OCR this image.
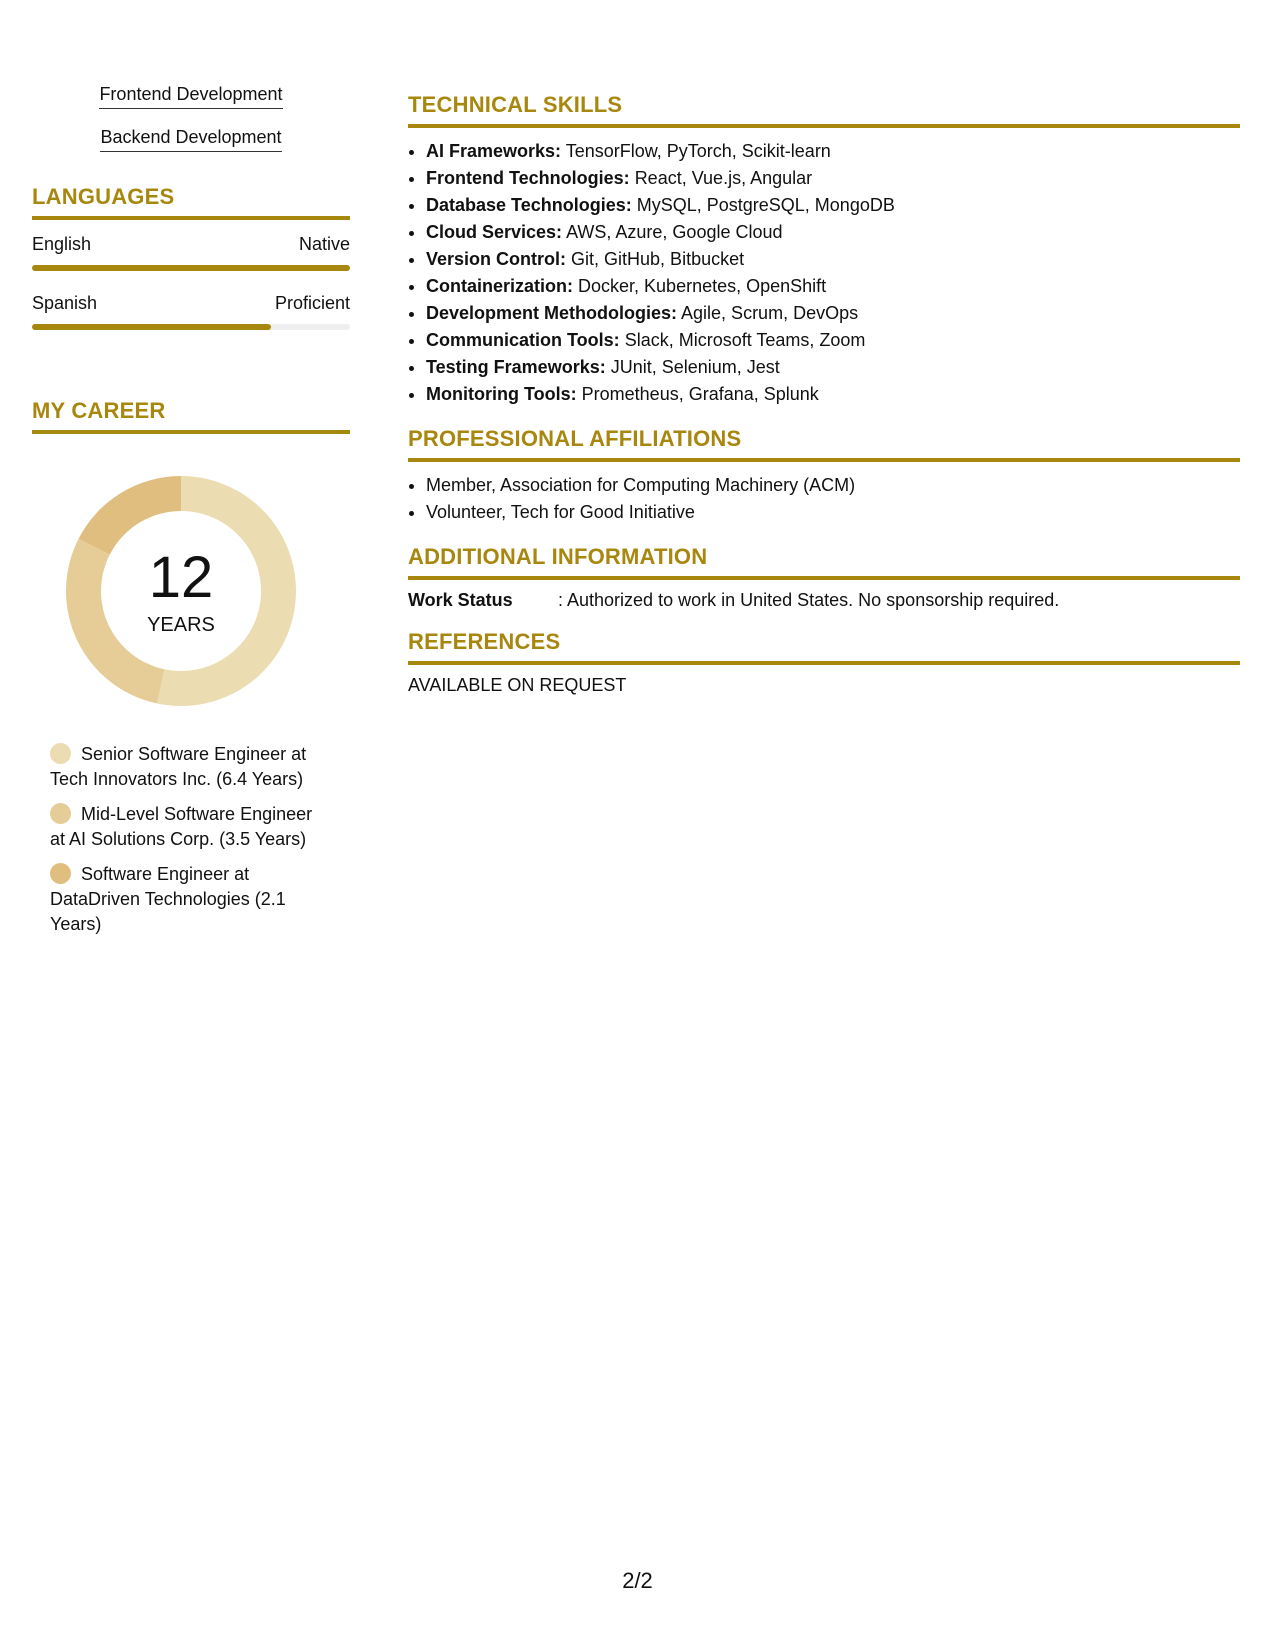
Frontend Development
Backend Development
LANGUAGES
English	Native
Spanish	Proficient
MY CAREER
12
YEARS
Senior Software Engineer at Tech Innovators Inc. (6.4 Years)
Mid-Level Software Engineer at AI Solutions Corp. (3.5 Years)
Software Engineer at DataDriven Technologies (2.1 Years)
TECHNICAL SKILLS
• AI Frameworks: TensorFlow, PyTorch, Scikit-learn
• Frontend Technologies: React, Vue.js, Angular
• Database Technologies: MySQL, PostgreSQL, MongoDB
• Cloud Services: AWS, Azure, Google Cloud
• Version Control: Git, GitHub, Bitbucket
• Containerization: Docker, Kubernetes, OpenShift
• Development Methodologies: Agile, Scrum, DevOps
• Communication Tools: Slack, Microsoft Teams, Zoom
• Testing Frameworks: JUnit, Selenium, Jest
• Monitoring Tools: Prometheus, Grafana, Splunk
PROFESSIONAL AFFILIATIONS
• Member, Association for Computing Machinery (ACM)
• Volunteer, Tech for Good Initiative
ADDITIONAL INFORMATION
Work Status	: Authorized to work in United States. No sponsorship required.
REFERENCES
AVAILABLE ON REQUEST
2/2
